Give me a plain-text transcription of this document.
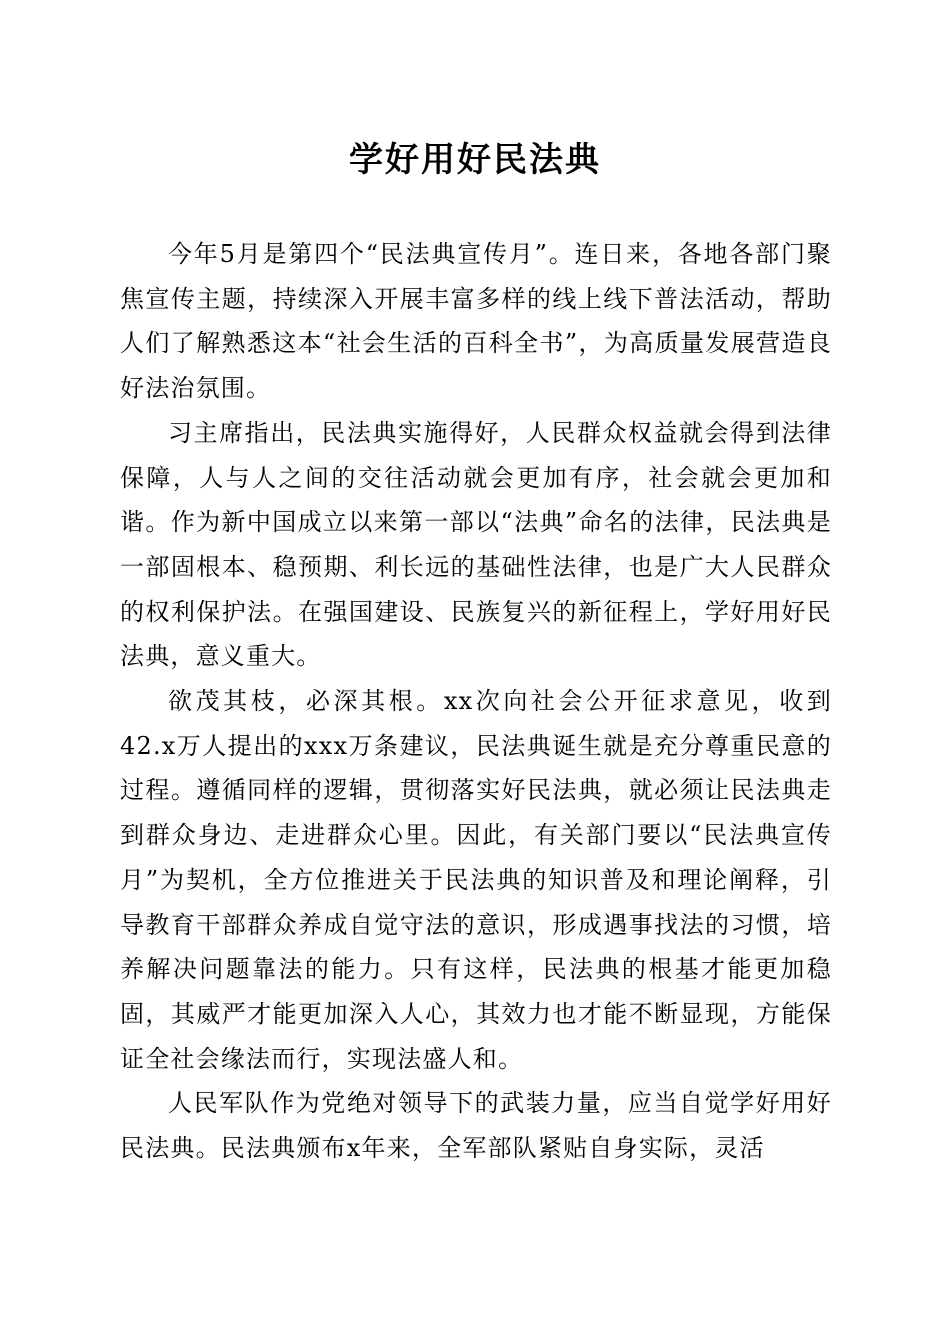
学好用好民法典

今年5月是第四个“民法典宣传月”。连日来，各地各部门聚焦宣传主题，持续深入开展丰富多样的线上线下普法活动，帮助人们了解熟悉这本“社会生活的百科全书”，为高质量发展营造良好法治氛围。

习主席指出，民法典实施得好，人民群众权益就会得到法律保障，人与人之间的交往活动就会更加有序，社会就会更加和谐。作为新中国成立以来第一部以“法典”命名的法律，民法典是一部固根本、稳预期、利长远的基础性法律，也是广大人民群众的权利保护法。在强国建设、民族复兴的新征程上，学好用好民法典，意义重大。

欲茂其枝，必深其根。xx次向社会公开征求意见，收到42.x万人提出的xxx万条建议，民法典诞生就是充分尊重民意的过程。遵循同样的逻辑，贯彻落实好民法典，就必须让民法典走到群众身边、走进群众心里。因此，有关部门要以“民法典宣传月”为契机，全方位推进关于民法典的知识普及和理论阐释，引导教育干部群众养成自觉守法的意识，形成遇事找法的习惯，培养解决问题靠法的能力。只有这样，民法典的根基才能更加稳固，其威严才能更加深入人心，其效力也才能不断显现，方能保证全社会缘法而行，实现法盛人和。

人民军队作为党绝对领导下的武装力量，应当自觉学好用好民法典。民法典颁布x年来，全军部队紧贴自身实际，灵活
